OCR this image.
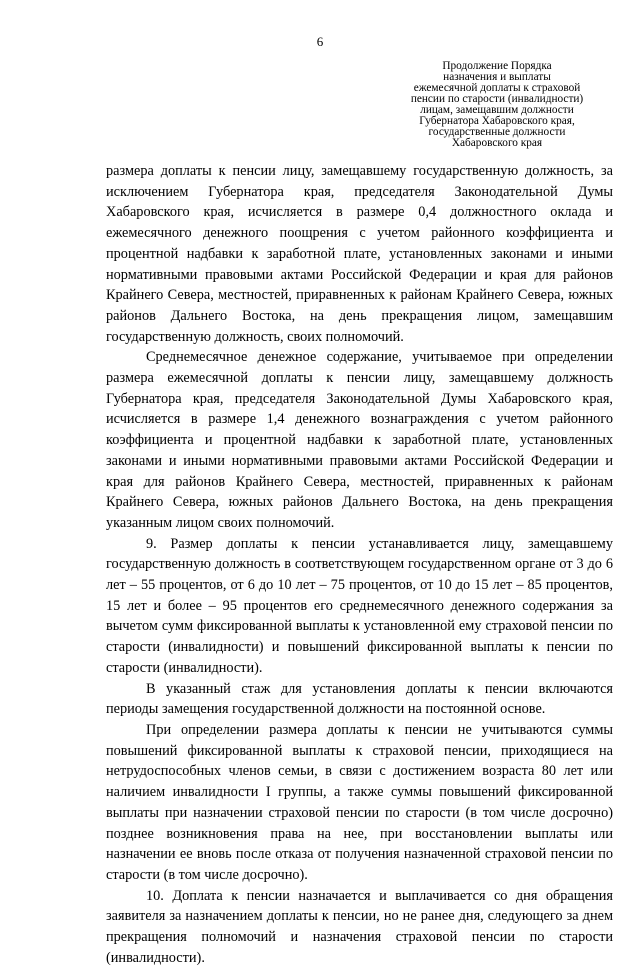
6
Продолжение Порядка
назначения и выплаты
ежемесячной доплаты к страховой
пенсии по старости (инвалидности)
лицам, замещавшим должности
Губернатора Хабаровского края,
государственные должности
Хабаровского края

размера доплаты к пенсии лицу, замещавшему государственную должность, за исключением Губернатора края, председателя Законодательной Думы Хабаровского края, исчисляется в размере 0,4 должностного оклада и ежемесячного денежного поощрения с учетом районного коэффициента и процентной надбавки к заработной плате, установленных законами и иными нормативными правовыми актами Российской Федерации и края для районов Крайнего Севера, местностей, приравненных к районам Крайнего Севера, южных районов Дальнего Востока, на день прекращения лицом, замещавшим государственную должность, своих полномочий.

Среднемесячное денежное содержание, учитываемое при определении размера ежемесячной доплаты к пенсии лицу, замещавшему должность Губернатора края, председателя Законодательной Думы Хабаровского края, исчисляется в размере 1,4 денежного вознаграждения с учетом районного коэффициента и процентной надбавки к заработной плате, установленных законами и иными нормативными правовыми актами Российской Федерации и края для районов Крайнего Севера, местностей, приравненных к районам Крайнего Севера, южных районов Дальнего Востока, на день прекращения указанным лицом своих полномочий.

9. Размер доплаты к пенсии устанавливается лицу, замещавшему государственную должность в соответствующем государственном органе от 3 до 6 лет – 55 процентов, от 6 до 10 лет – 75 процентов, от 10 до 15 лет – 85 процентов, 15 лет и более – 95 процентов его среднемесячного денежного содержания за вычетом сумм фиксированной выплаты к установленной ему страховой пенсии по старости (инвалидности) и повышений фиксированной выплаты к пенсии по старости (инвалидности).

В указанный стаж для установления доплаты к пенсии включаются периоды замещения государственной должности на постоянной основе.

При определении размера доплаты к пенсии не учитываются суммы повышений фиксированной выплаты к страховой пенсии, приходящиеся на нетрудоспособных членов семьи, в связи с достижением возраста 80 лет или наличием инвалидности I группы, а также суммы повышений фиксированной выплаты при назначении страховой пенсии по старости (в том числе досрочно) позднее возникновения права на нее, при восстановлении выплаты или назначении ее вновь после отказа от получения назначенной страховой пенсии по старости (в том числе досрочно).

10. Доплата к пенсии назначается и выплачивается со дня обращения заявителя за назначением доплаты к пенсии, но не ранее дня, следующего за днем прекращения полномочий и назначения страховой пенсии по старости (инвалидности).
